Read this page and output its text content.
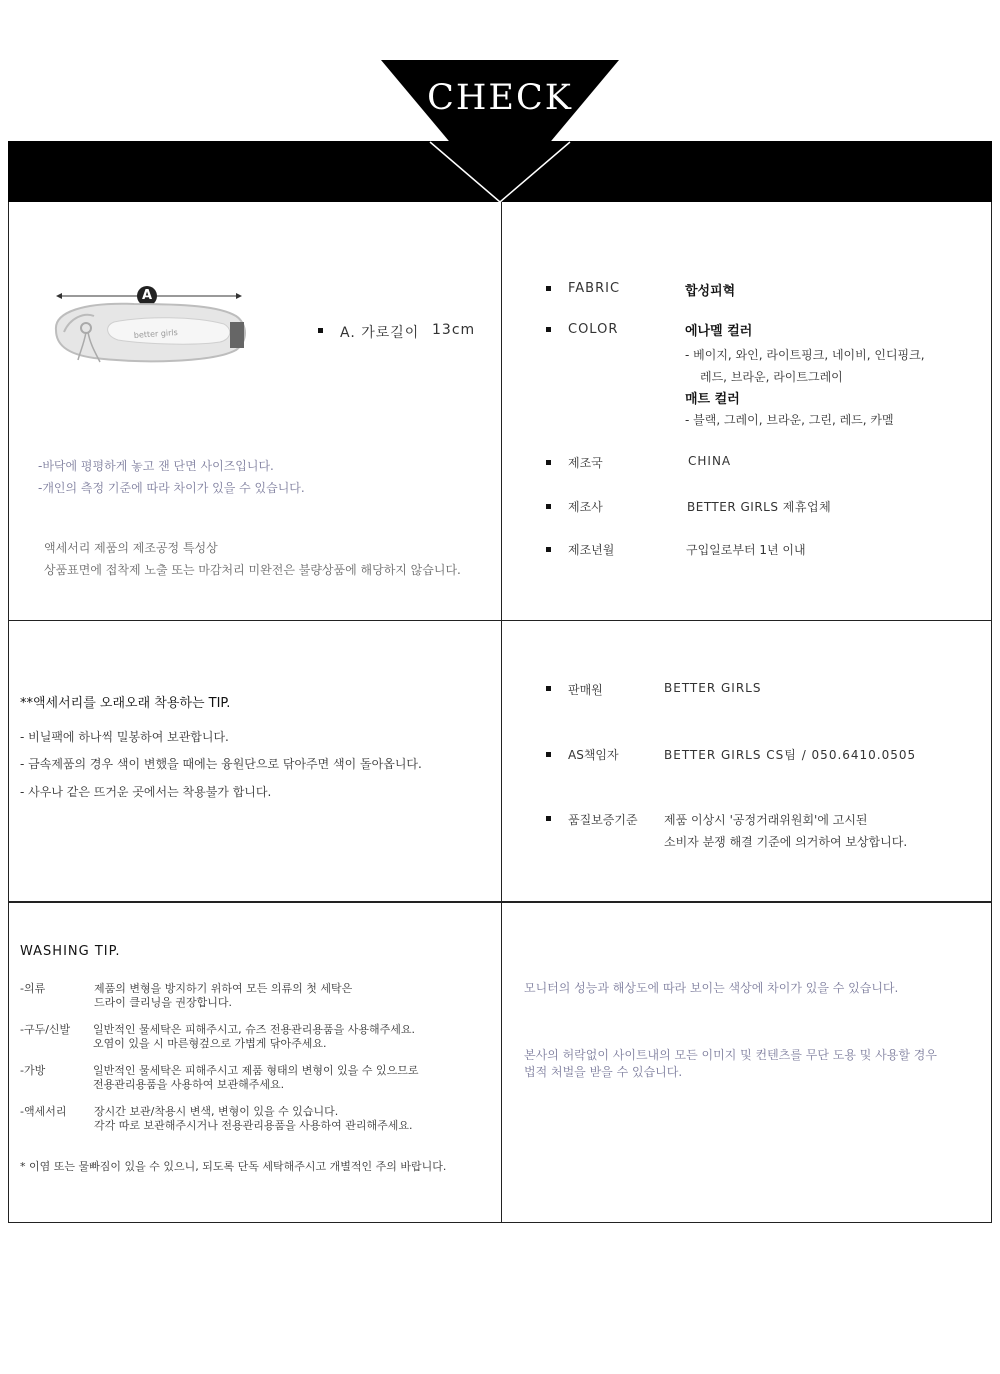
CHECK
A
better girls	A. 가로길이 13cm
-바닥에 평평하게 놓고 잰 단면 사이즈입니다.
-개인의 측정 기준에 따라 차이가 있을 수 있습니다.
액세서리 제품의 제조공정 특성상
상품표면에 접착제 노출 또는 마감처리 미완전은 불량상품에 해당하지 않습니다.
FABRIC	합성피혁
COLOR	에나멜 컬러
- 베이지, 와인, 라이트핑크, 네이비, 인디핑크,
레드, 브라운, 라이트그레이
매트 컬러
- 블랙, 그레이, 브라운, 그린, 레드, 카멜
제조국	CHINA
제조사	BETTER GIRLS 제휴업체
제조년월	구입일로부터 1년 이내
**액세서리를 오래오래 착용하는 TIP.
- 비닐팩에 하나씩 밀봉하여 보관합니다.
- 금속제품의 경우 색이 변했을 때에는 융원단으로 닦아주면 색이 돌아옵니다.
- 사우나 같은 뜨거운 곳에서는 착용불가 합니다.
판매원	BETTER GIRLS
AS책임자	BETTER GIRLS CS팀 / 050.6410.0505
품질보증기준 제품 이상시 '공정거래위원회'에 고시된
소비자 분쟁 해결 기준에 의거하여 보상합니다.
WASHING TIP.
-의류	제품의 변형을 방지하기 위하여 모든 의류의 첫 세탁은
드라이 클리닝을 권장합니다.
-구두/신발 일반적인 물세탁은 피해주시고, 슈즈 전용관리용품을 사용해주세요.
오염이 있을 시 마른형겊으로 가볍게 닦아주세요.
-가방	일반적인 물세탁은 피해주시고 제품 형태의 변형이 있을 수 있으므로
전용관리용품을 사용하여 보관해주세요.
-액세서리	장시간 보관/착용시 변색, 변형이 있을 수 있습니다.
각각 따로 보관해주시거나 전용관리용품을 사용하여 관리해주세요.
* 이염 또는 물빠짐이 있을 수 있으니, 되도록 단독 세탁해주시고 개별적인 주의 바랍니다.
모니터의 성능과 해상도에 따라 보이는 색상에 차이가 있을 수 있습니다.
본사의 허락없이 사이트내의 모든 이미지 및 컨텐츠를 무단 도용 및 사용할 경우
법적 처벌을 받을 수 있습니다.
